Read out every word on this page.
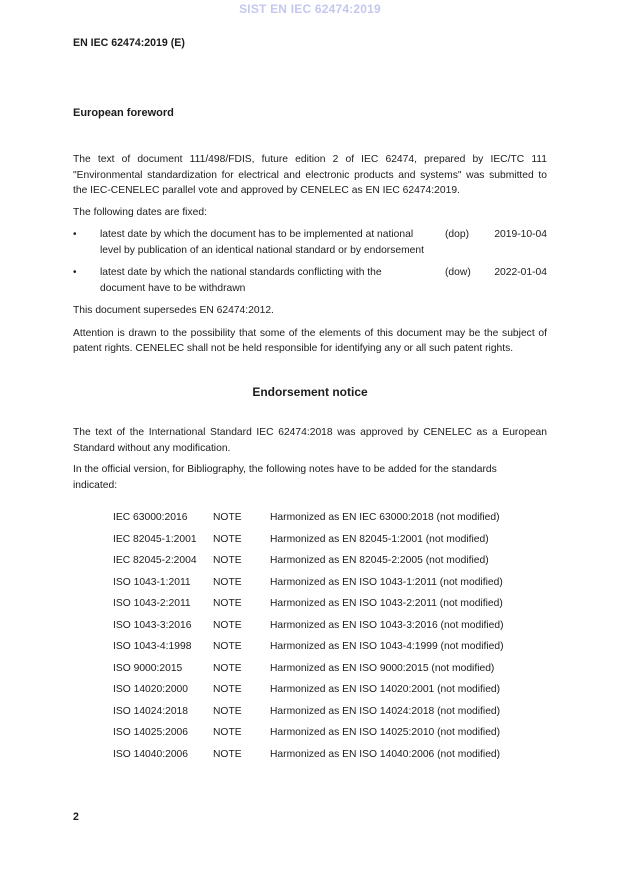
SIST EN IEC 62474:2019
EN IEC 62474:2019 (E)
European foreword

The text of document 111/498/FDIS, future edition 2 of IEC 62474, prepared by IEC/TC 111
"Environmental standardization for electrical and electronic products and systems" was submitted to
the IEC-CENELEC parallel vote and approved by CENELEC as EN IEC 62474:2019.

The following dates are fixed:

•	latest date by which the document has to be implemented at national
level by publication of an identical national standard or by endorsement
(dop)	2019-10-04
•	latest date by which the national standards conflicting with the
document have to be withdrawn
(dow)	2022-01-04

This document supersedes EN 62474:2012.

Attention is drawn to the possibility that some of the elements of this document may be the subject of
patent rights. CENELEC shall not be held responsible for identifying any or all such patent rights.

Endorsement notice

The text of the International Standard IEC 62474:2018 was approved by CENELEC as a European
Standard without any modification.

In the official version, for Bibliography, the following notes have to be added for the standards
indicated:

IEC 63000:2016	NOTE	Harmonized as EN IEC 63000:2018 (not modified)
IEC 82045-1:2001	NOTE	Harmonized as EN 82045-1:2001 (not modified)
IEC 82045-2:2004	NOTE	Harmonized as EN 82045-2:2005 (not modified)
ISO 1043-1:2011	NOTE	Harmonized as EN ISO 1043-1:2011 (not modified)
ISO 1043-2:2011	NOTE	Harmonized as EN ISO 1043-2:2011 (not modified)
ISO 1043-3:2016	NOTE	Harmonized as EN ISO 1043-3:2016 (not modified)
ISO 1043-4:1998	NOTE	Harmonized as EN ISO 1043-4:1999 (not modified)
ISO 9000:2015	NOTE	Harmonized as EN ISO 9000:2015 (not modified)
ISO 14020:2000	NOTE	Harmonized as EN ISO 14020:2001 (not modified)
ISO 14024:2018	NOTE	Harmonized as EN ISO 14024:2018 (not modified)
ISO 14025:2006	NOTE	Harmonized as EN ISO 14025:2010 (not modified)
ISO 14040:2006	NOTE	Harmonized as EN ISO 14040:2006 (not modified)
2
